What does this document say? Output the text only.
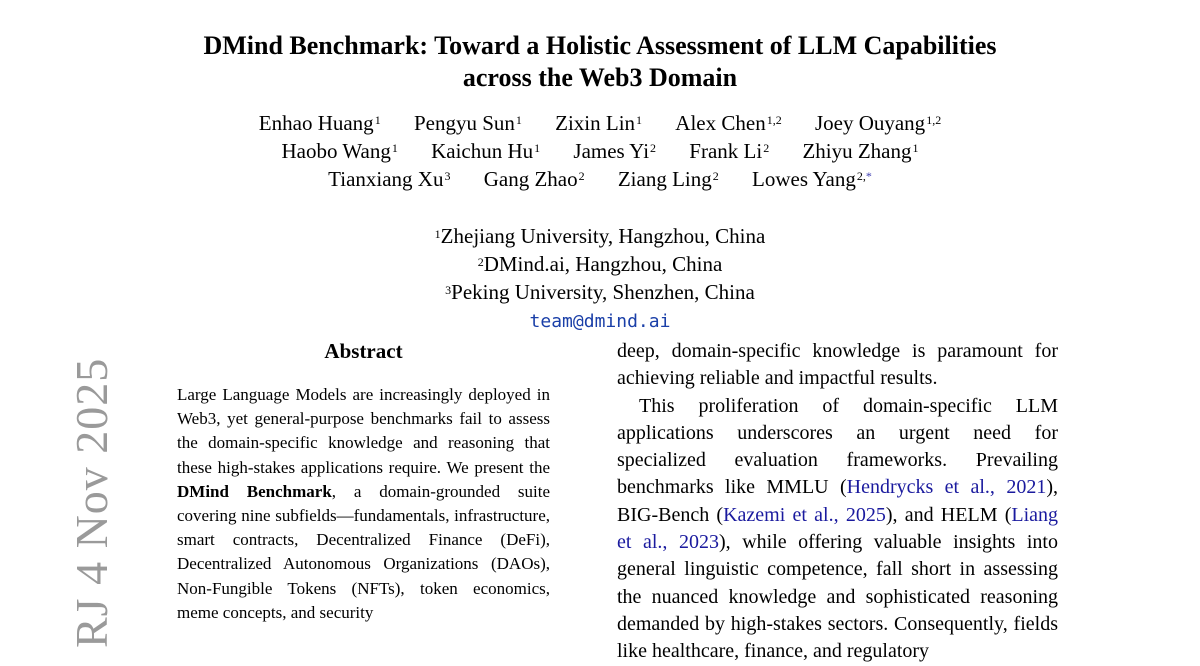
RJ 4 Nov 2025
DMind Benchmark: Toward a Holistic Assessment of LLM Capabilities
across the Web3 Domain
Enhao Huang$^1$ Pengyu Sun$^1$ Zixin Lin$^1$ Alex Chen$^{1,2}$ Joey Ouyang$^{1,2}$
Haobo Wang$^1$ Kaichun Hu$^1$ James Yi$^2$ Frank Li$^2$ Zhiyu Zhang$^1$
Tianxiang Xu$^3$ Gang Zhao$^2$ Ziang Ling$^2$ Lowes Yang$^{2,*}$
$^1$Zhejiang University, Hangzhou, China
$^2$DMind.ai, Hangzhou, China
$^3$Peking University, Shenzhen, China
team@dmind.ai
Abstract
Large Language Models are increasingly deployed in Web3, yet general-purpose benchmarks fail to assess the domain-specific knowledge and reasoning that these high-stakes applications require. We present the DMind Benchmark, a domain-grounded suite covering nine subfields—fundamentals, infrastructure, smart contracts, Decentralized Finance (DeFi), Decentralized Autonomous Organizations (DAOs), Non-Fungible Tokens (NFTs), token economics, meme concepts, and security

deep, domain-specific knowledge is paramount for achieving reliable and impactful results.

This proliferation of domain-specific LLM applications underscores an urgent need for specialized evaluation frameworks. Prevailing benchmarks like MMLU (Hendrycks et al., 2021), BIG-Bench (Kazemi et al., 2025), and HELM (Liang et al., 2023), while offering valuable insights into general linguistic competence, fall short in assessing the nuanced knowledge and sophisticated reasoning demanded by high-stakes sectors. Consequently, fields like healthcare, finance, and regulatory
